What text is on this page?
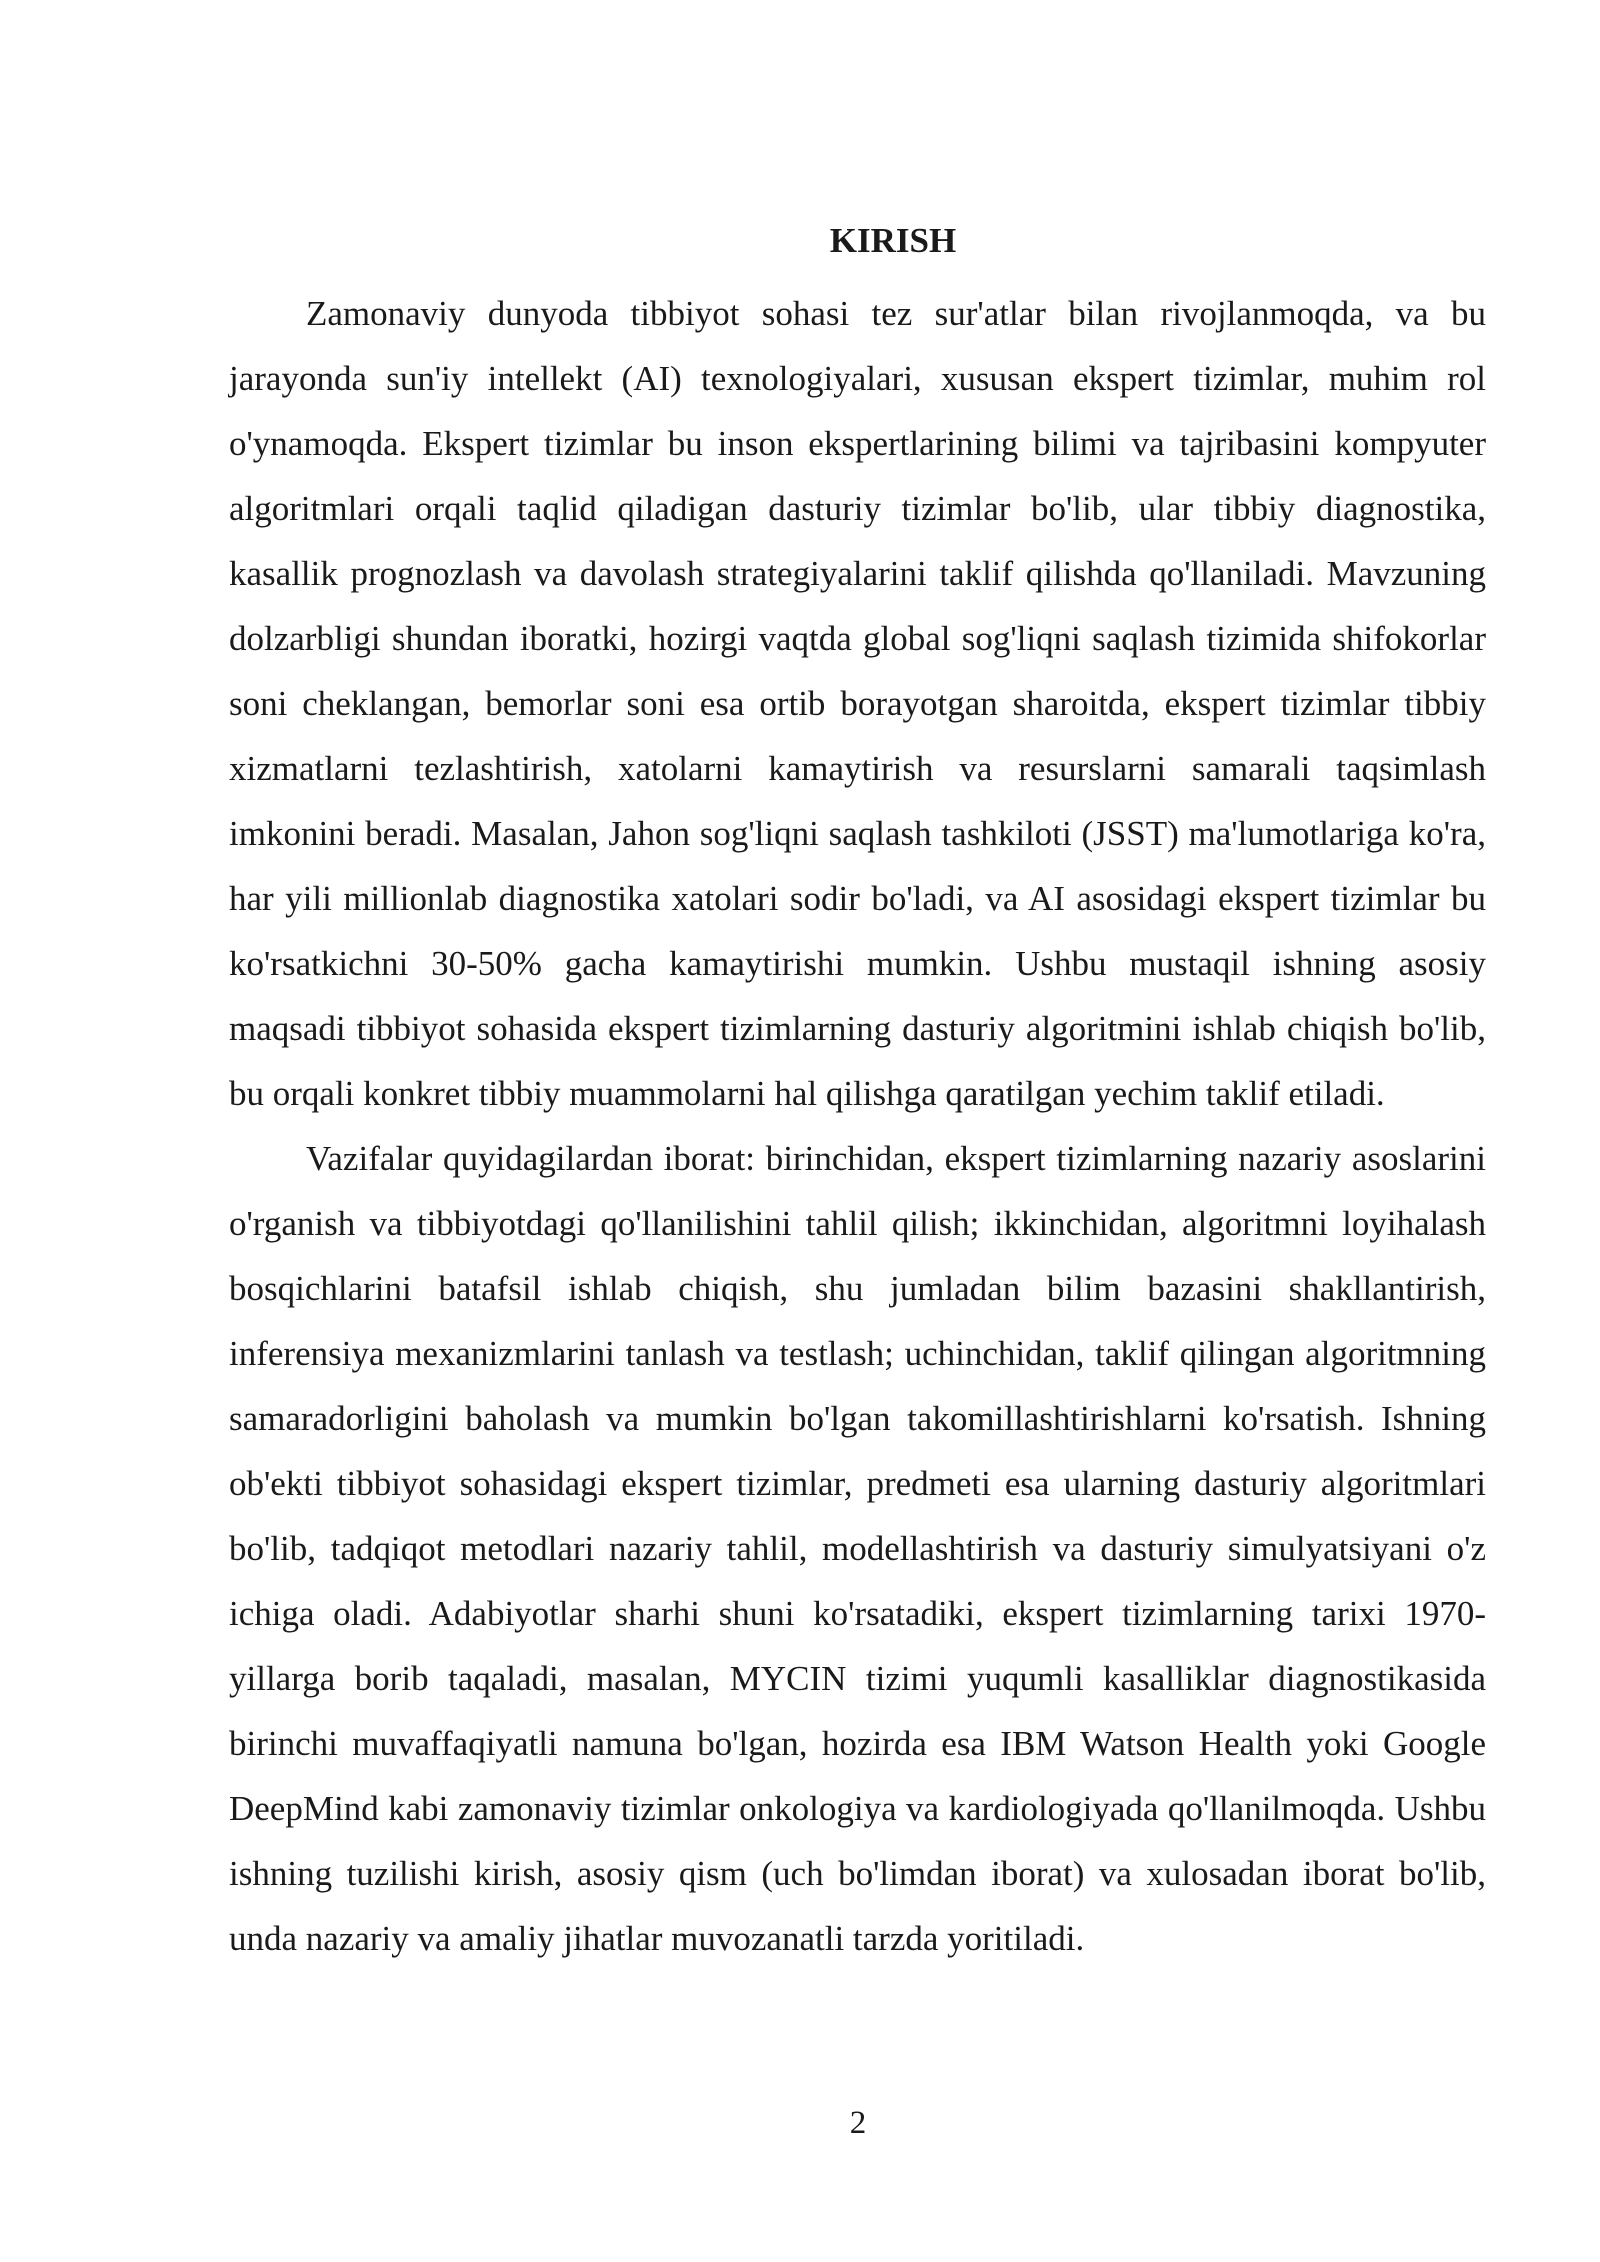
KIRISH

Zamonaviy dunyoda tibbiyot sohasi tez sur'atlar bilan rivojlanmoqda, va bu jarayonda sun'iy intellekt (AI) texnologiyalari, xususan ekspert tizimlar, muhim rol o'ynamoqda. Ekspert tizimlar bu inson ekspertlarining bilimi va tajribasini kompyuter algoritmlari orqali taqlid qiladigan dasturiy tizimlar bo'lib, ular tibbiy diagnostika, kasallik prognozlash va davolash strategiyalarini taklif qilishda qo'llaniladi. Mavzuning dolzarbligi shundan iboratki, hozirgi vaqtda global sog'liqni saqlash tizimida shifokorlar soni cheklangan, bemorlar soni esa ortib borayotgan sharoitda, ekspert tizimlar tibbiy xizmatlarni tezlashtirish, xatolarni kamaytirish va resurslarni samarali taqsimlash imkonini beradi. Masalan, Jahon sog'liqni saqlash tashkiloti (JSST) ma'lumotlariga ko'ra, har yili millionlab diagnostika xatolari sodir bo'ladi, va AI asosidagi ekspert tizimlar bu ko'rsatkichni 30-50% gacha kamaytirishi mumkin. Ushbu mustaqil ishning asosiy maqsadi tibbiyot sohasida ekspert tizimlarning dasturiy algoritmini ishlab chiqish bo'lib, bu orqali konkret tibbiy muammolarni hal qilishga qaratilgan yechim taklif etiladi.

Vazifalar quyidagilardan iborat: birinchidan, ekspert tizimlarning nazariy asoslarini o'rganish va tibbiyotdagi qo'llanilishini tahlil qilish; ikkinchidan, algoritmni loyihalash bosqichlarini batafsil ishlab chiqish, shu jumladan bilim bazasini shakllantirish, inferensiya mexanizmlarini tanlash va testlash; uchinchidan, taklif qilingan algoritmning samaradorligini baholash va mumkin bo'lgan takomillashtirishlarni ko'rsatish. Ishning ob'ekti tibbiyot sohasidagi ekspert tizimlar, predmeti esa ularning dasturiy algoritmlari bo'lib, tadqiqot metodlari nazariy tahlil, modellashtirish va dasturiy simulyatsiyani o'z ichiga oladi. Adabiyotlar sharhi shuni ko'rsatadiki, ekspert tizimlarning tarixi 1970-yillarga borib taqaladi, masalan, MYCIN tizimi yuqumli kasalliklar diagnostikasida birinchi muvaffaqiyatli namuna bo'lgan, hozirda esa IBM Watson Health yoki Google DeepMind kabi zamonaviy tizimlar onkologiya va kardiologiyada qo'llanilmoqda. Ushbu ishning tuzilishi kirish, asosiy qism (uch bo'limdan iborat) va xulosadan iborat bo'lib, unda nazariy va amaliy jihatlar muvozanatli tarzda yoritiladi.

2
